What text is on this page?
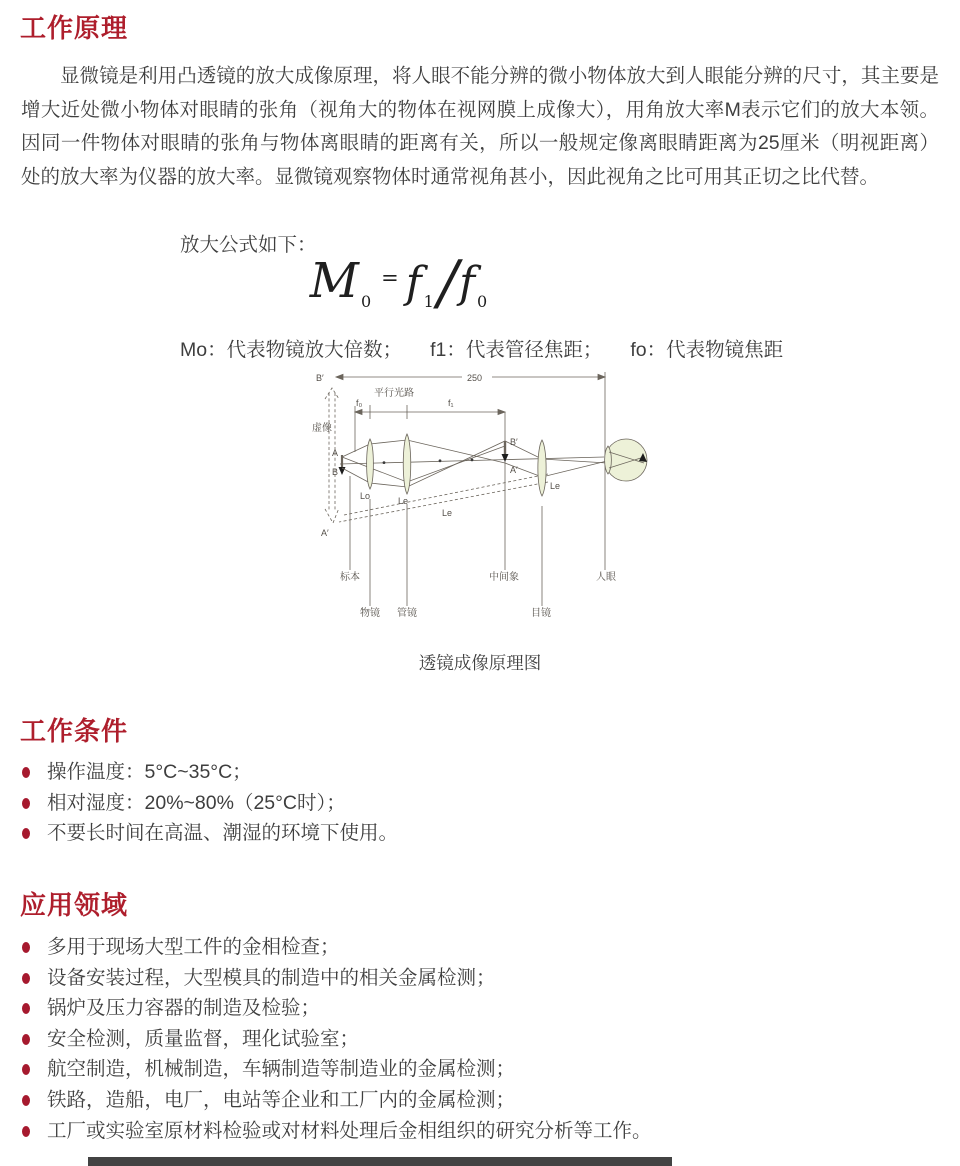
工作原理

显微镜是利用凸透镜的放大成像原理，将人眼不能分辨的微小物体放大到人眼能分辨的尺寸，其主要是增大近处微小物体对眼睛的张角（视角大的物体在视网膜上成像大），用角放大率M表示它们的放大本领。因同一件物体对眼睛的张角与物体离眼睛的距离有关，所以一般规定像离眼睛距离为25厘米（明视距离）处的放大率为仪器的放大率。显微镜观察物体时通常视角甚小，因此视角之比可用其正切之比代替。

放大公式如下：
M 0= f 1/f 0
Mo：代表物镜放大倍数； f1：代表管径焦距； fo：代表物镜焦距
B′	250
f₀	f₁
平行光路
虚像
A′
A
B
Lo	Le
B′
A′
Le
Le
标本
物镜 管镜
中间象
目镜
人眼
透镜成像原理图
工作条件
操作温度：5°C~35°C；
相对湿度：20%~80%（25°C时）；
不要长时间在高温、潮湿的环境下使用。
应用领域
多用于现场大型工件的金相检查；
设备安装过程，大型模具的制造中的相关金属检测；
锅炉及压力容器的制造及检验；
安全检测，质量监督，理化试验室；
航空制造，机械制造，车辆制造等制造业的金属检测；
铁路，造船，电厂，电站等企业和工厂内的金属检测；
工厂或实验室原材料检验或对材料处理后金相组织的研究分析等工作。
